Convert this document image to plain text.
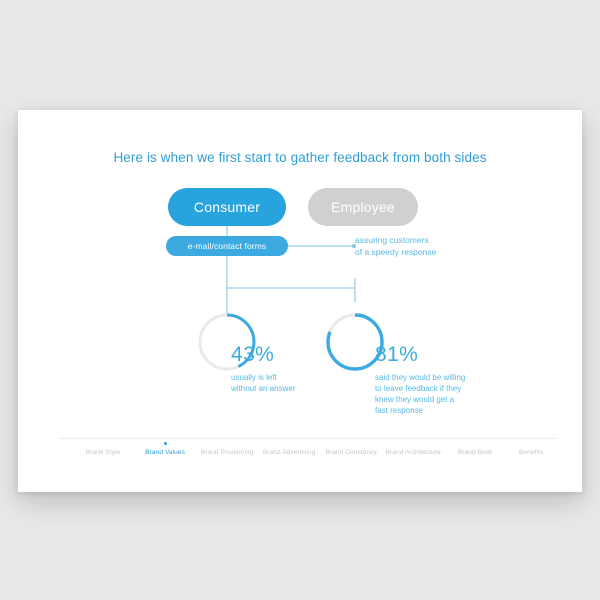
Here is when we first start to gather feedback from both sides
Consumer	Employee
e-mail/contact forms
assuring customers
of a speedy response
43%	81%
usually is left
without an answer
said they would be willing
to leave feedback if they
knew they would get a
fast response
Brand Style	Brand Values	Brand Positioning	Brand Advertising	Brand Constancy	Brand Architecture	Brand Book	Benefits
